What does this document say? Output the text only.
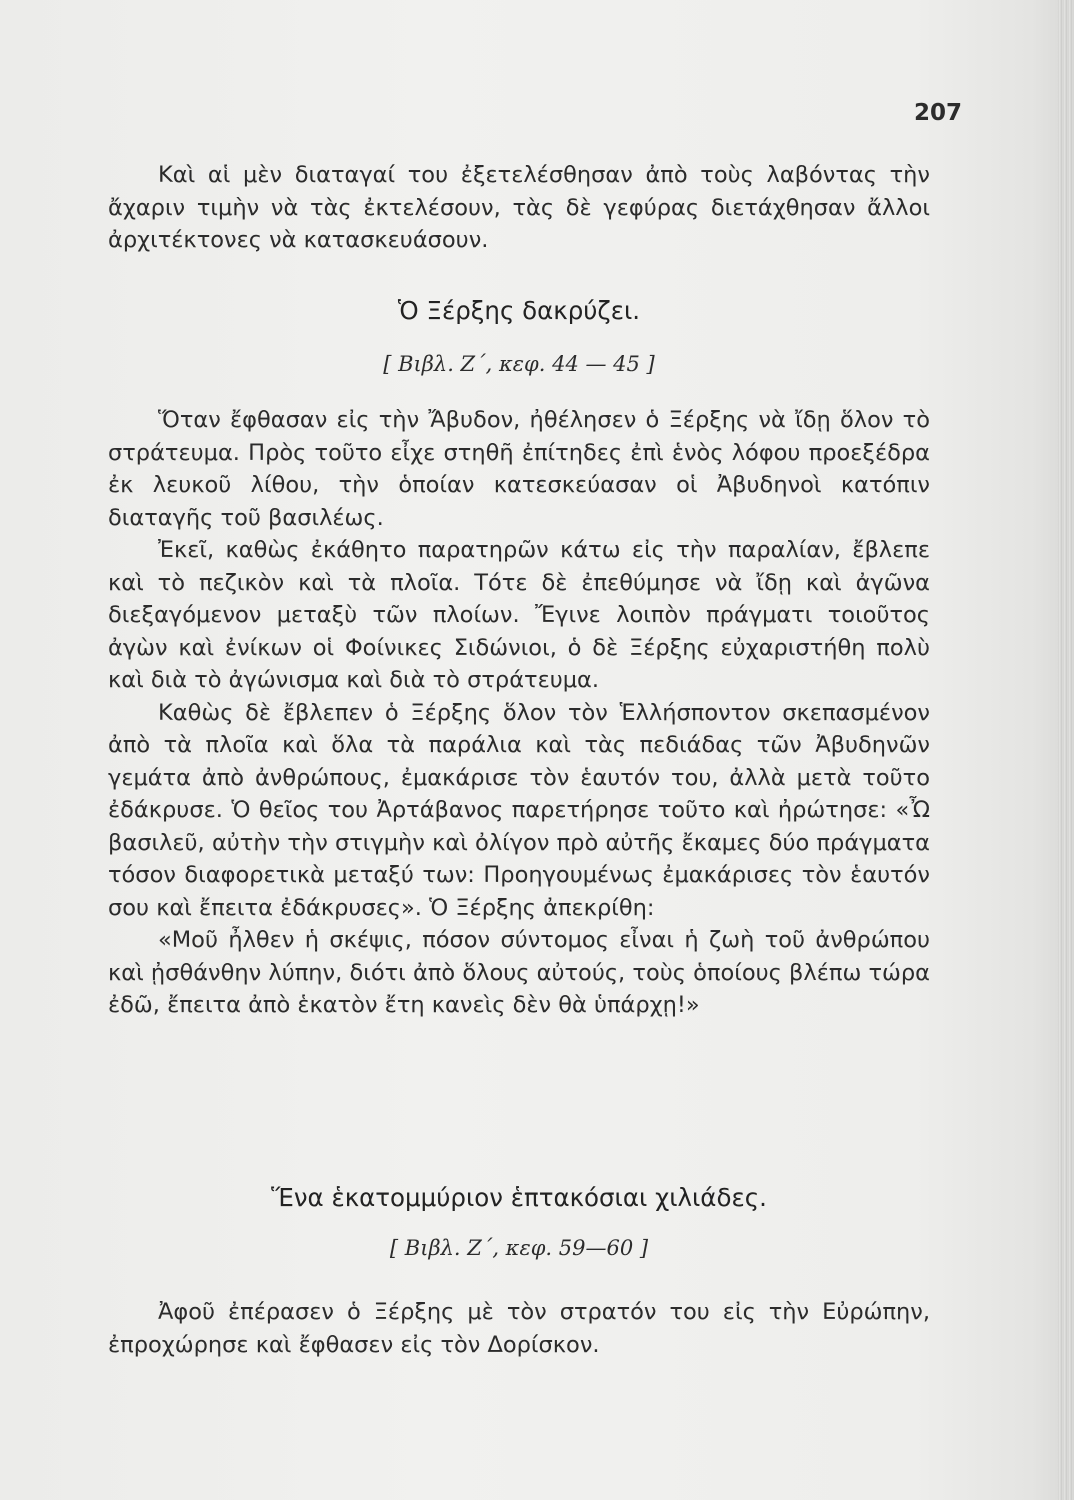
207

Καὶ αἱ μὲν διαταγαί του ἐξετελέσθησαν ἀπὸ τοὺς λαβόντας τὴν ἄχαριν τιμὴν νὰ τὰς ἐκτελέσουν, τὰς δὲ γεφύρας διετάχθησαν ἄλλοι ἀρχιτέκτονες νὰ κατασκευάσουν.

Ὁ Ξέρξης δακρύζει.
[ Βιβλ. Ζ΄, κεφ. 44 — 45 ]

Ὅταν ἔφθασαν εἰς τὴν Ἄβυδον, ἠθέλησεν ὁ Ξέρξης νὰ ἴδῃ ὅλον τὸ στράτευμα. Πρὸς τοῦτο εἶχε στηθῆ ἐπίτηδες ἐπὶ ἑνὸς λόφου προεξέδρα ἐκ λευκοῦ λίθου, τὴν ὁποίαν κατεσκεύασαν οἱ Ἀβυδηνοὶ κατόπιν διαταγῆς τοῦ βασιλέως.

Ἐκεῖ, καθὼς ἐκάθητο παρατηρῶν κάτω εἰς τὴν παραλίαν, ἔβλεπε καὶ τὸ πεζικὸν καὶ τὰ πλοῖα. Τότε δὲ ἐπεθύμησε νὰ ἴδῃ καὶ ἀγῶνα διεξαγόμενον μεταξὺ τῶν πλοίων. Ἔγινε λοιπὸν πράγματι τοιοῦτος ἀγὼν καὶ ἐνίκων οἱ Φοίνικες Σιδώνιοι, ὁ δὲ Ξέρξης εὐχαριστήθη πολὺ καὶ διὰ τὸ ἀγώνισμα καὶ διὰ τὸ στράτευμα.

Καθὼς δὲ ἔβλεπεν ὁ Ξέρξης ὅλον τὸν Ἑλλήσποντον σκεπασμένον ἀπὸ τὰ πλοῖα καὶ ὅλα τὰ παράλια καὶ τὰς πεδιάδας τῶν Ἀβυδηνῶν γεμάτα ἀπὸ ἀνθρώπους, ἐμακάρισε τὸν ἑαυτόν του, ἀλλὰ μετὰ τοῦτο ἐδάκρυσε. Ὁ θεῖος του Ἀρτάβανος παρετήρησε τοῦτο καὶ ἠρώτησε: «Ὦ βασιλεῦ, αὐτὴν τὴν στιγμὴν καὶ ὀλίγον πρὸ αὐτῆς ἔκαμες δύο πράγματα τόσον διαφορετικὰ μεταξύ των: Προηγουμένως ἐμακάρισες τὸν ἑαυτόν σου καὶ ἔπειτα ἐδάκρυσες». Ὁ Ξέρξης ἀπεκρίθη:

«Μοῦ ἦλθεν ἡ σκέψις, πόσον σύντομος εἶναι ἡ ζωὴ τοῦ ἀνθρώπου καὶ ᾐσθάνθην λύπην, διότι ἀπὸ ὅλους αὐτούς, τοὺς ὁποίους βλέπω τώρα ἐδῶ, ἔπειτα ἀπὸ ἑκατὸν ἔτη κανεὶς δὲν θὰ ὑπάρχῃ!»

Ἕνα ἑκατομμύριον ἑπτακόσιαι χιλιάδες.
[ Βιβλ. Ζ΄, κεφ. 59—60 ]

Ἀφοῦ ἐπέρασεν ὁ Ξέρξης μὲ τὸν στρατόν του εἰς τὴν Εὐρώπην, ἐπροχώρησε καὶ ἔφθασεν εἰς τὸν Δορίσκον.
